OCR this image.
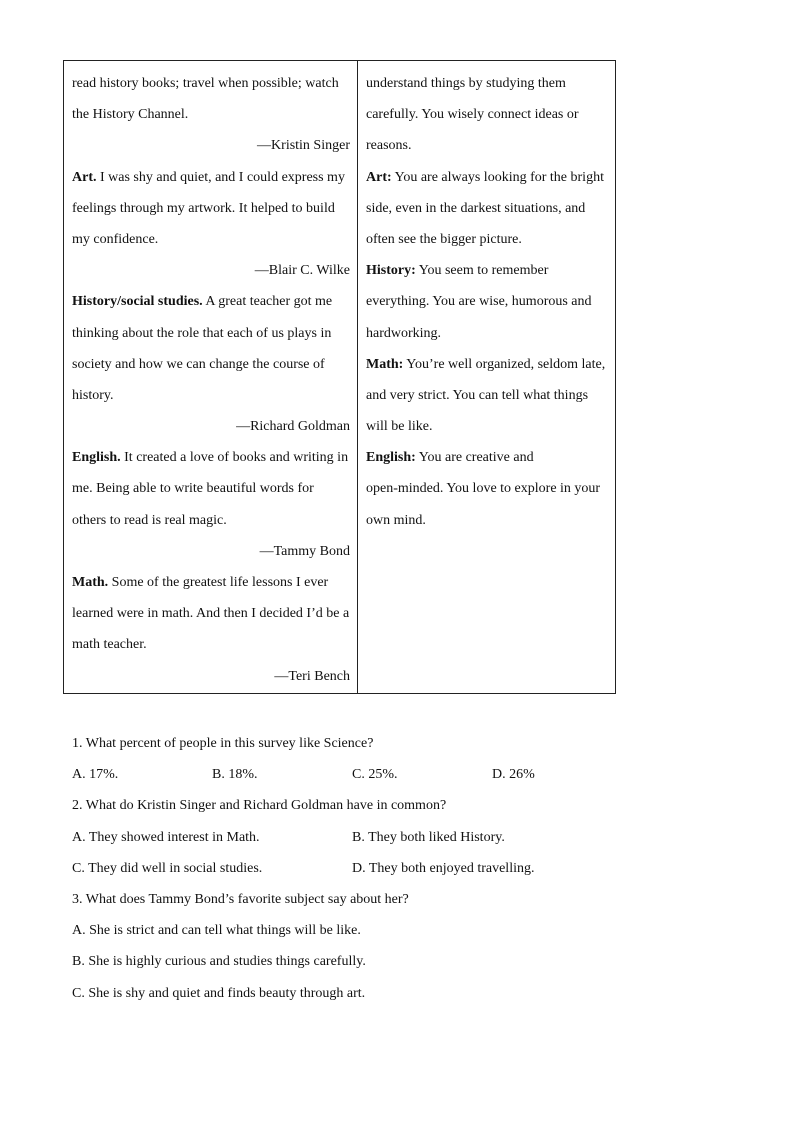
read history books; travel when possible; watch
the History Channel.
—Kristin Singer
Art. I was shy and quiet, and I could express my
feelings through my artwork. It helped to build
my confidence.
—Blair C. Wilke
History/social studies. A great teacher got me
thinking about the role that each of us plays in
society and how we can change the course of
history.
—Richard Goldman
English. It created a love of books and writing in
me. Being able to write beautiful words for
others to read is real magic.
—Tammy Bond
Math. Some of the greatest life lessons I ever
learned were in math. And then I decided I’d be a
math teacher.
—Teri Bench
understand things by studying them
carefully. You wisely connect ideas or
reasons.
Art: You are always looking for the bright
side, even in the darkest situations, and
often see the bigger picture.
History: You seem to remember
everything. You are wise, humorous and
hardworking.
Math: You’re well organized, seldom late,
and very strict. You can tell what things
will be like.
English: You are creative and
open-minded. You love to explore in your
own mind.
1. What percent of people in this survey like Science?
A. 17%.	B. 18%.	C. 25%.	D. 26%
2. What do Kristin Singer and Richard Goldman have in common?
A. They showed interest in Math.	B. They both liked History.
C. They did well in social studies.	D. They both enjoyed travelling.
3. What does Tammy Bond’s favorite subject say about her?
A. She is strict and can tell what things will be like.
B. She is highly curious and studies things carefully.
C. She is shy and quiet and finds beauty through art.
